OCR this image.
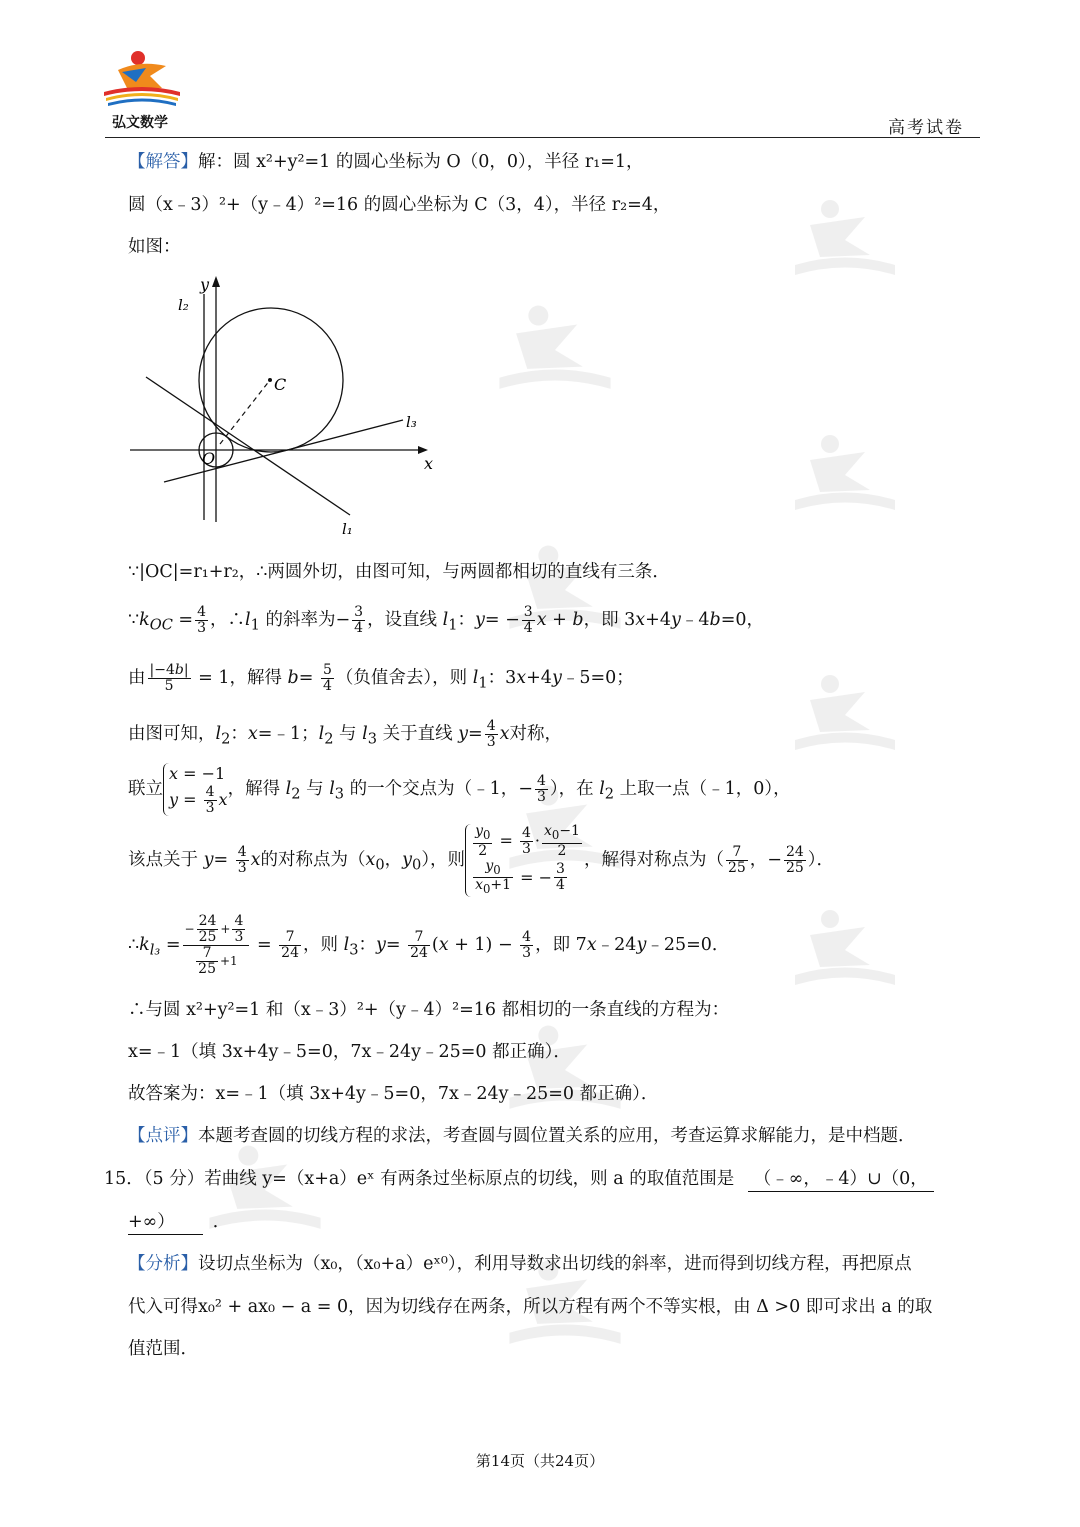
弘文数学	高考试卷
【解答】解：圆 x²+y²=1 的圆心坐标为 O（0，0），半径 r₁=1，
圆（x﹣3）²+（y﹣4）²=16 的圆心坐标为 C（3，4），半径 r₂=4，
如图：
y
x
O
C
l₁
l₂
l₃
∵|OC|=r₁+r₂，∴两圆外切，由图可知，与两圆都相切的直线有三条．
$\because k_{OC} = \frac{4}{3}$ ，$\therefore l_1$ 的斜率为− $\frac{3}{4}$ ，设直线 $l_1$：$y= - \frac{3}{4}$ x + b，即 3x+4y﹣4b=0，
由 $\frac{|-4b|}{5} = 1$，解得 $b= \frac{5}{4}$ （负值舍去），则 $l_1$：3x+4y﹣5=0；
由图可知，$l_2$：x=﹣1；$l_2$ 与 $l_3$ 关于直线 $y= \frac{4}{3}$ x对称，
联立x = −1
$y = \frac{4}{3}$ x，解得 $l_2$ 与 $l_3$ 的一个交点为（﹣1，− $\frac{4}{3}$ ），在 $l_2$ 上取一点（﹣1，0），
该点关于 $y= \frac{4}{3}$ x的对称点为（$x_0$，$y_0$），则
$\frac{y_0}{2} = \frac{4}{3} \cdot \frac{x_0-1}{2}$

$\frac{y_0}{x_0+1}$ = − $\frac{3}{4}$
，解得对称点为（ $\frac{7}{25}$ ，− $\frac{24}{25}$ ）．
$\therefore k_{l_3} = \frac{- \frac{24}{25} + \frac{4}{3}}{\frac{7}{25} +1} = \frac{7}{24}$ ，则 $l_3$：$y= \frac{7}{24} (x + 1) - \frac{4}{3}$ ，即 7x﹣24y﹣25=0．
∴与圆 x²+y²=1 和（x﹣3）²+（y﹣4）²=16 都相切的一条直线的方程为：
x=﹣1（填 3x+4y﹣5=0，7x﹣24y﹣25=0 都正确）．
故答案为：x=﹣1（填 3x+4y﹣5=0，7x﹣24y﹣25=0 都正确）．
【点评】本题考查圆的切线方程的求法，考查圆与圆位置关系的应用，考查运算求解能力，是中档题．
15．（5 分）若曲线 y=（x+a）eˣ 有两条过坐标原点的切线，则 a 的取值范围是 （﹣∞，﹣4）∪（0，
+∞） ．
【分析】设切点坐标为（x₀，（x₀+a）eˣ⁰），利用导数求出切线的斜率，进而得到切线方程，再把原点
代入可得x₀² + ax₀ − a = 0，因为切线存在两条，所以方程有两个不等实根，由 Δ >0 即可求出 a 的取
值范围．
第14页（共24页）
